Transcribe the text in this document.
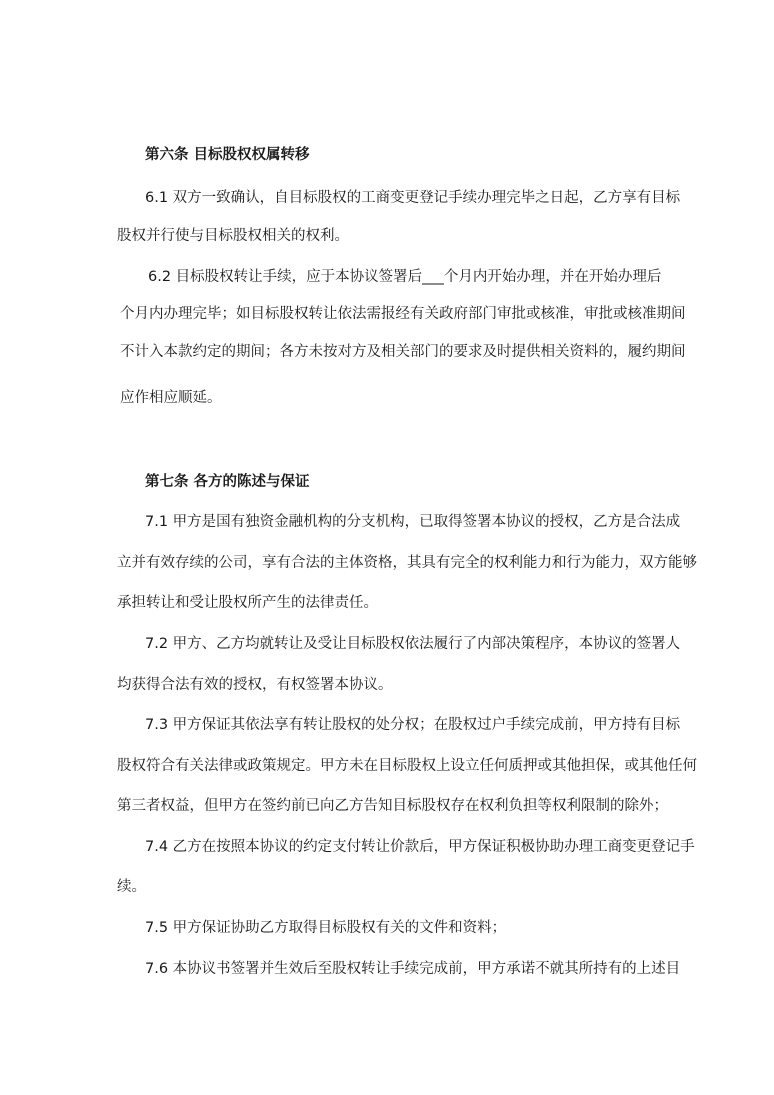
第六条 目标股权权属转移
6.1 双方一致确认，自目标股权的工商变更登记手续办理完毕之日起，乙方享有目标
股权并行使与目标股权相关的权利。
6.2 目标股权转让手续，应于本协议签署后___个月内开始办理，并在开始办理后
个月内办理完毕；如目标股权转让依法需报经有关政府部门审批或核准，审批或核准期间
不计入本款约定的期间；各方未按对方及相关部门的要求及时提供相关资料的，履约期间
应作相应顺延。
第七条 各方的陈述与保证
7.1 甲方是国有独资金融机构的分支机构，已取得签署本协议的授权，乙方是合法成
立并有效存续的公司，享有合法的主体资格，其具有完全的权利能力和行为能力，双方能够
承担转让和受让股权所产生的法律责任。
7.2 甲方、乙方均就转让及受让目标股权依法履行了内部决策程序，本协议的签署人
均获得合法有效的授权，有权签署本协议。
7.3 甲方保证其依法享有转让股权的处分权；在股权过户手续完成前，甲方持有目标
股权符合有关法律或政策规定。甲方未在目标股权上设立任何质押或其他担保，或其他任何
第三者权益，但甲方在签约前已向乙方告知目标股权存在权利负担等权利限制的除外；
7.4 乙方在按照本协议的约定支付转让价款后，甲方保证积极协助办理工商变更登记手
续。
7.5 甲方保证协助乙方取得目标股权有关的文件和资料；
7.6 本协议书签署并生效后至股权转让手续完成前，甲方承诺不就其所持有的上述目
